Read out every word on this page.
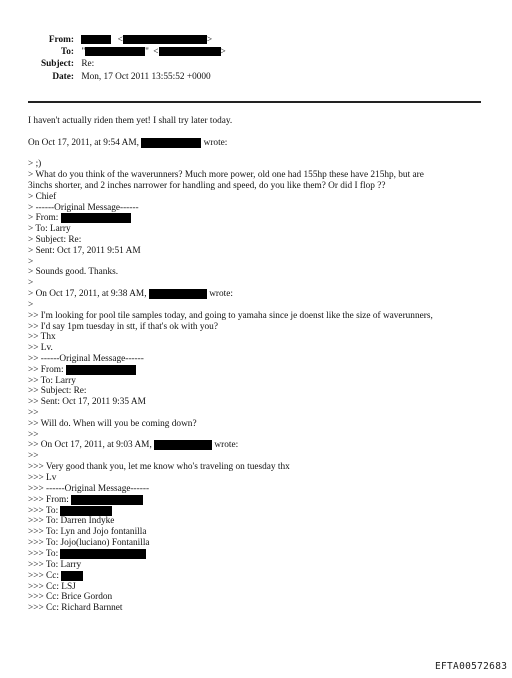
From:	<	>
To: "	" <	>
Subject: Re:
Date: Mon, 17 Oct 2011 13:55:52 +0000
I haven't actually riden them yet! I shall try later today.
On Oct 17, 2011, at 9:54 AM,	wrote:
> ;)
> What do you think of the waverunners? Much more power, old one had 155hp these have 215hp, but are
3inchs shorter, and 2 inches narrower for handling and speed, do you like them? Or did I flop ??
> Chief
> ------Original Message------
> From:
> To: Larry
> Subject: Re:
> Sent: Oct 17, 2011 9:51 AM
>
> Sounds good. Thanks.
>
> On Oct 17, 2011, at 9:38 AM,	wrote:
>
>> I'm looking for pool tile samples today, and going to yamaha since je doenst like the size of waverunners,
>> I'd say 1pm tuesday in stt, if that's ok with you?
>> Thx
>> Lv.
>> ------Original Message------
>> From:
>> To: Larry
>> Subject: Re:
>> Sent: Oct 17, 2011 9:35 AM
>>
>> Will do. When will you be coming down?
>>
>> On Oct 17, 2011, at 9:03 AM,	wrote:
>>
>>> Very good thank you, let me know who's traveling on tuesday thx
>>> Lv
>>> ------Original Message------
>>> From:
>>> To:
>>> To: Darren Indyke
>>> To: Lyn and Jojo fontanilla
>>> To: Jojo(luciano) Fontanilla
>>> To:
>>> To: Larry
>>> Cc:
>>> Cc: LSJ
>>> Cc: Brice Gordon
>>> Cc: Richard Barnnet
EFTA00572683
